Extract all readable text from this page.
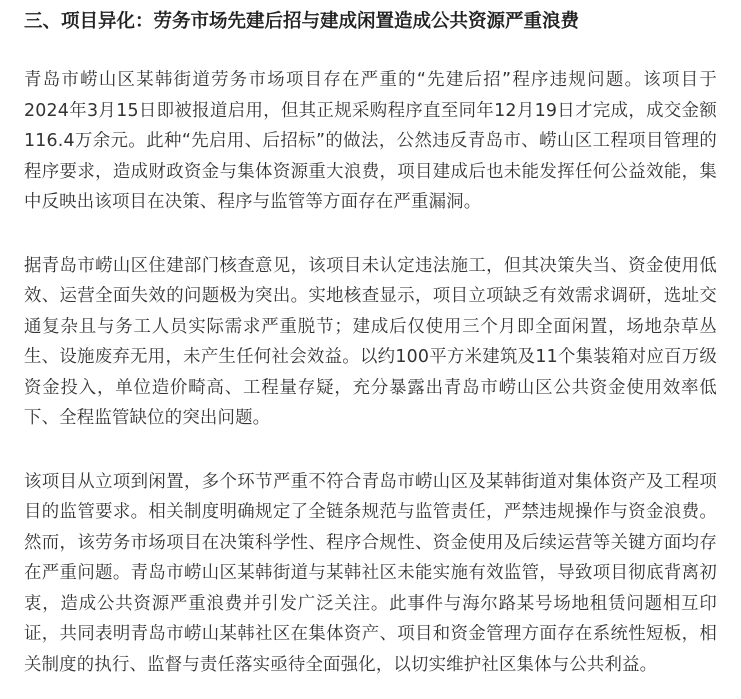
三、项目异化：劳务市场先建后招与建成闲置造成公共资源严重浪费

青岛市崂山区某韩街道劳务市场项目存在严重的“先建后招”程序违规问题。该项目于2024年3月15日即被报道启用，但其正规采购程序直至同年12月19日才完成，成交金额116.4万余元。此种“先启用、后招标”的做法，公然违反青岛市、崂山区工程项目管理的程序要求，造成财政资金与集体资源重大浪费，项目建成后也未能发挥任何公益效能，集中反映出该项目在决策、程序与监管等方面存在严重漏洞。

据青岛市崂山区住建部门核查意见，该项目未认定违法施工，但其决策失当、资金使用低效、运营全面失效的问题极为突出。实地核查显示，项目立项缺乏有效需求调研，选址交通复杂且与务工人员实际需求严重脱节；建成后仅使用三个月即全面闲置，场地杂草丛生、设施废弃无用，未产生任何社会效益。以约100平方米建筑及11个集装箱对应百万级资金投入，单位造价畸高、工程量存疑，充分暴露出青岛市崂山区公共资金使用效率低下、全程监管缺位的突出问题。

该项目从立项到闲置，多个环节严重不符合青岛市崂山区及某韩街道对集体资产及工程项目的监管要求。相关制度明确规定了全链条规范与监管责任，严禁违规操作与资金浪费。然而，该劳务市场项目在决策科学性、程序合规性、资金使用及后续运营等关键方面均存在严重问题。青岛市崂山区某韩街道与某韩社区未能实施有效监管，导致项目彻底背离初衷，造成公共资源严重浪费并引发广泛关注。此事件与海尔路某号场地租赁问题相互印证，共同表明青岛市崂山某韩社区在集体资产、项目和资金管理方面存在系统性短板，相关制度的执行、监督与责任落实亟待全面强化，以切实维护社区集体与公共利益。
